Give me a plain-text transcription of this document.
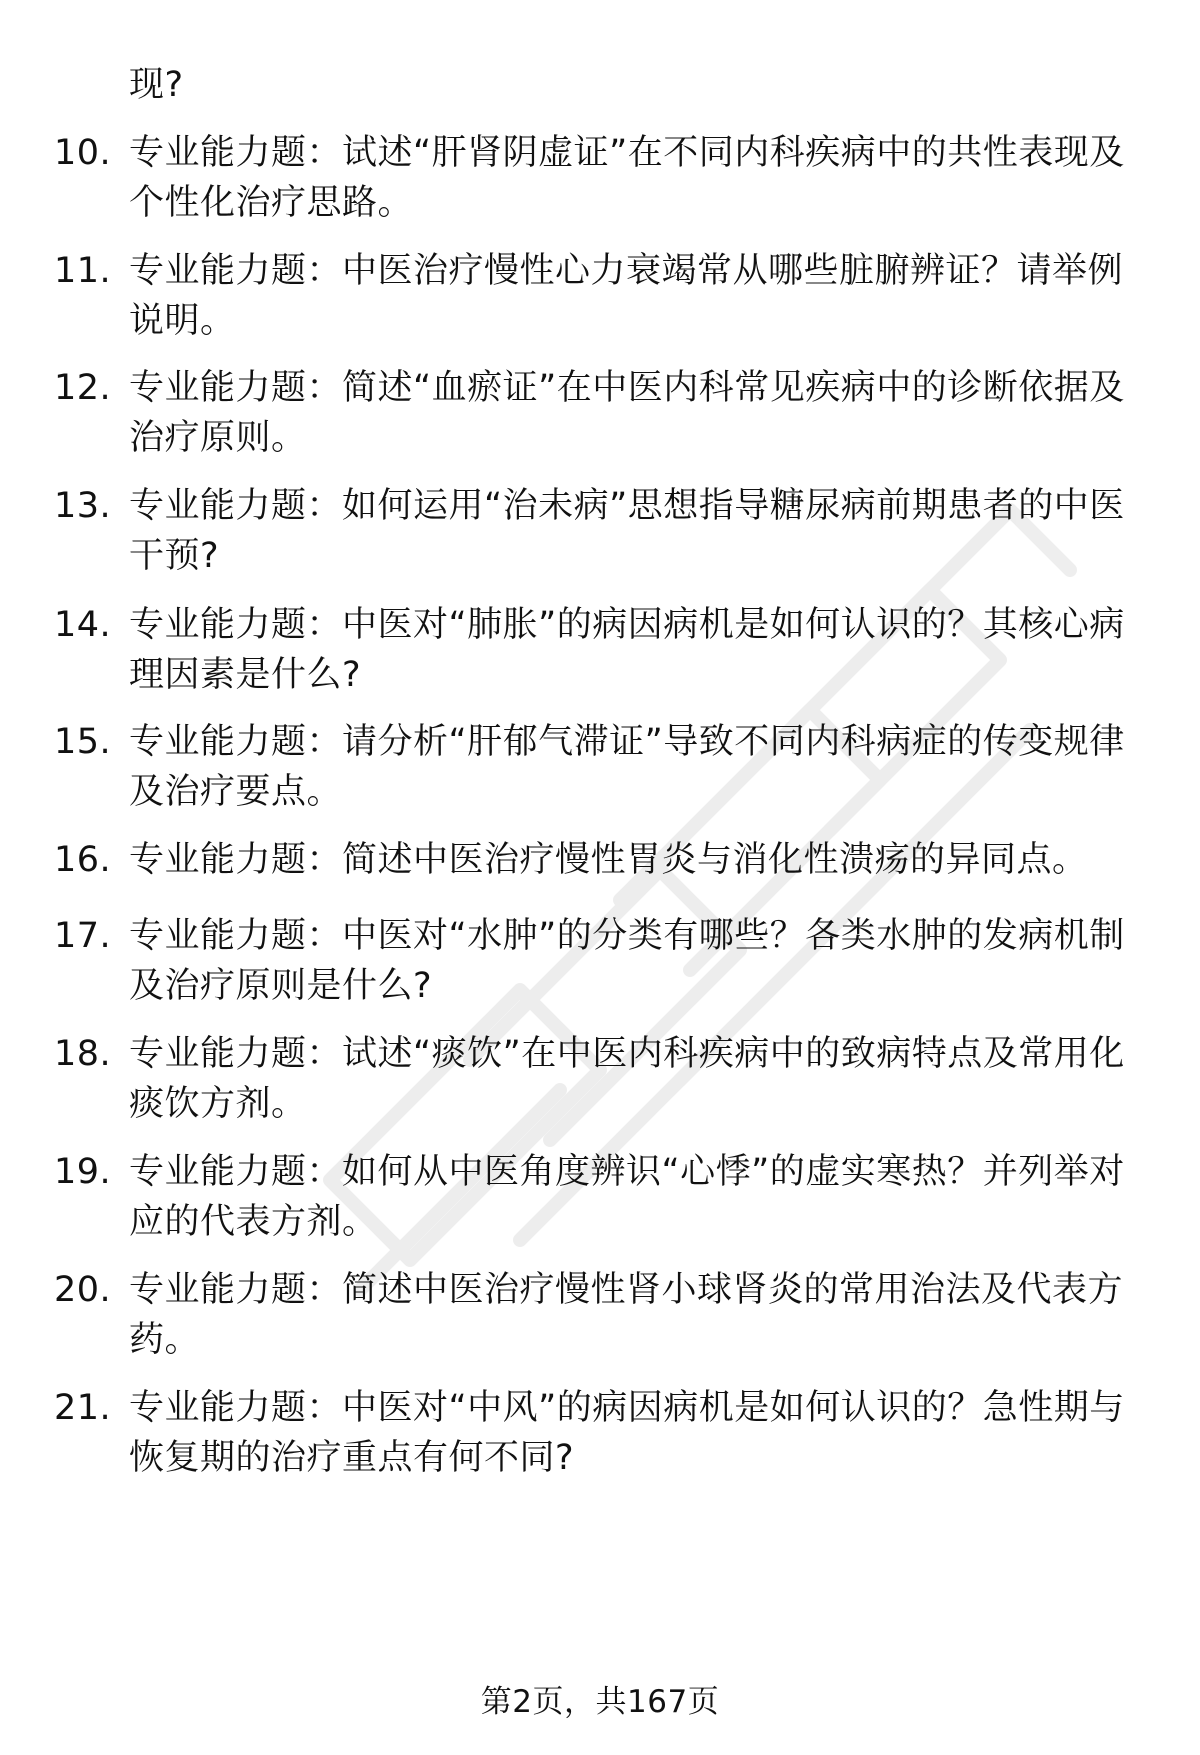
现?
10. 专业能力题：试述“肝肾阴虚证”在不同内科疾病中的共性表现及个性化治疗思路。
11. 专业能力题：中医治疗慢性心力衰竭常从哪些脏腑辨证？请举例说明。
12. 专业能力题：简述“血瘀证”在中医内科常见疾病中的诊断依据及治疗原则。
13. 专业能力题：如何运用“治未病”思想指导糖尿病前期患者的中医干预?
14. 专业能力题：中医对“肺胀”的病因病机是如何认识的？其核心病理因素是什么?
15. 专业能力题：请分析“肝郁气滞证”导致不同内科病症的传变规律及治疗要点。
16. 专业能力题：简述中医治疗慢性胃炎与消化性溃疡的异同点。
17. 专业能力题：中医对“水肿”的分类有哪些？各类水肿的发病机制及治疗原则是什么?
18. 专业能力题：试述“痰饮”在中医内科疾病中的致病特点及常用化痰饮方剂。
19. 专业能力题：如何从中医角度辨识“心悸”的虚实寒热？并列举对应的代表方剂。
20. 专业能力题：简述中医治疗慢性肾小球肾炎的常用治法及代表方药。
21. 专业能力题：中医对“中风”的病因病机是如何认识的？急性期与恢复期的治疗重点有何不同?
第2页，共167页
